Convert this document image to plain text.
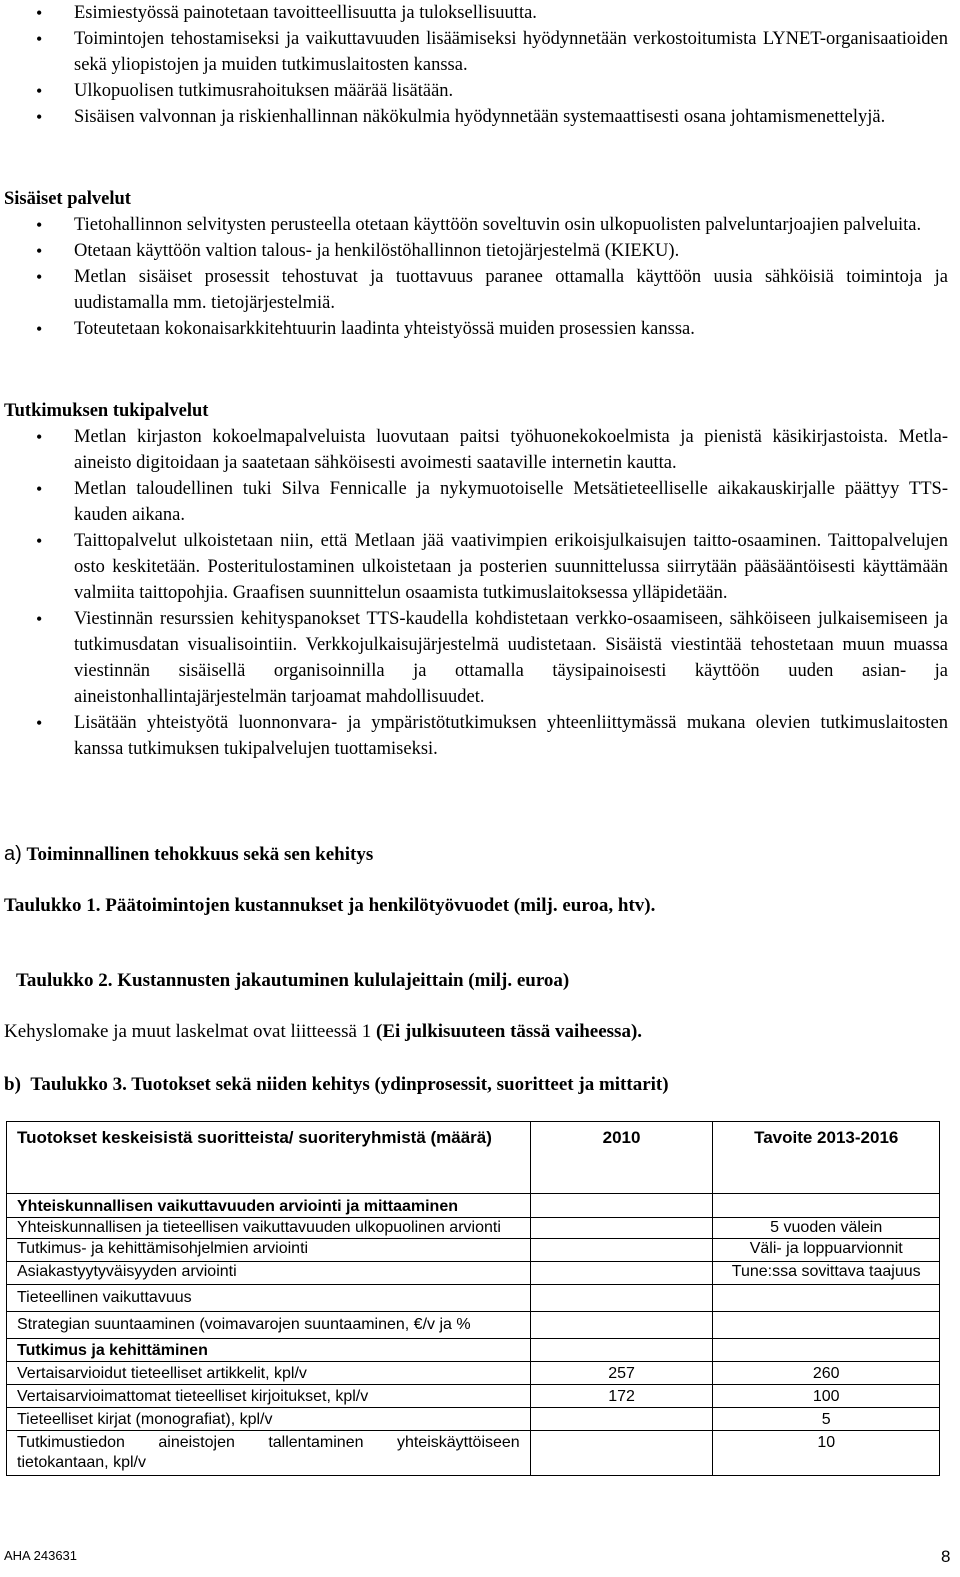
• Esimiestyössä painotetaan tavoitteellisuutta ja tuloksellisuutta.
• Toimintojen tehostamiseksi ja vaikuttavuuden lisäämiseksi hyödynnetään verkostoitumista LYNET-organisaatioiden sekä yliopistojen ja muiden tutkimuslaitosten kanssa.
• Ulkopuolisen tutkimusrahoituksen määrää lisätään.
• Sisäisen valvonnan ja riskienhallinnan näkökulmia hyödynnetään systemaattisesti osana johtamismenettelyjä.
Sisäiset palvelut
• Tietohallinnon selvitysten perusteella otetaan käyttöön soveltuvin osin ulkopuolisten palveluntarjoajien palveluita.
• Otetaan käyttöön valtion talous- ja henkilöstöhallinnon tietojärjestelmä (KIEKU).
• Metlan sisäiset prosessit tehostuvat ja tuottavuus paranee ottamalla käyttöön uusia sähköisiä toimintoja ja uudistamalla mm. tietojärjestelmiä.
• Toteutetaan kokonaisarkkitehtuurin laadinta yhteistyössä muiden prosessien kanssa.
Tutkimuksen tukipalvelut
• Metlan kirjaston kokoelmapalveluista luovutaan paitsi työhuonekokoelmista ja pienistä käsikirjastoista. Metla-aineisto digitoidaan ja saatetaan sähköisesti avoimesti saataville internetin kautta.
• Metlan taloudellinen tuki Silva Fennicalle ja nykymuotoiselle Metsätieteelliselle aikakauskirjalle päättyy TTS-kauden aikana.
• Taittopalvelut ulkoistetaan niin, että Metlaan jää vaativimpien erikoisjulkaisujen taitto-osaaminen. Taittopalvelujen osto keskitetään. Posteritulostaminen ulkoistetaan ja posterien suunnittelussa siirrytään pääsääntöisesti käyttämään valmiita taittopohjia. Graafisen suunnittelun osaamista tutkimuslaitoksessa ylläpidetään.
• Viestinnän resurssien kehityspanokset TTS-kaudella kohdistetaan verkko-osaamiseen, sähköiseen julkaisemiseen ja tutkimusdatan visualisointiin. Verkkojulkaisujärjestelmä uudistetaan. Sisäistä viestintää tehostetaan muun muassa viestinnän sisäisellä organisoinnilla ja ottamalla täysipainoisesti käyttöön uuden asian- ja aineistonhallintajärjestelmän tarjoamat mahdollisuudet.
• Lisätään yhteistyötä luonnonvara- ja ympäristötutkimuksen yhteenliittymässä mukana olevien tutkimuslaitosten kanssa tutkimuksen tukipalvelujen tuottamiseksi.
a) Toiminnallinen tehokkuus sekä sen kehitys
Taulukko 1. Päätoimintojen kustannukset ja henkilötyövuodet (milj. euroa, htv).
Taulukko 2. Kustannusten jakautuminen kululajeittain (milj. euroa)
Kehyslomake ja muut laskelmat ovat liitteessä 1 (Ei julkisuuteen tässä vaiheessa).
b) Taulukko 3. Tuotokset sekä niiden kehitys (ydinprosessit, suoritteet ja mittarit)
Tuotokset keskeisistä suoritteista/ suoriteryhmistä (määrä)	2010	Tavoite 2013-2016
Yhteiskunnallisen vaikuttavuuden arviointi ja mittaaminen		
Yhteiskunnallisen ja tieteellisen vaikuttavuuden ulkopuolinen arvionti		5 vuoden välein
Tutkimus- ja kehittämisohjelmien arviointi		Väli- ja loppuarvionnit
Asiakastyytyväisyyden arviointi		Tune:ssa sovittava taajuus
Tieteellinen vaikuttavuus		
Strategian suuntaaminen (voimavarojen suuntaaminen, €/v ja %		
Tutkimus ja kehittäminen		
Vertaisarvioidut tieteelliset artikkelit, kpl/v	257	260
Vertaisarvioimattomat tieteelliset kirjoitukset, kpl/v	172	100
Tieteelliset kirjat (monografiat), kpl/v		5
Tutkimustiedon aineistojen tallentaminen yhteiskäyttöiseen tietokantaan, kpl/v		10
AHA 243631	8
